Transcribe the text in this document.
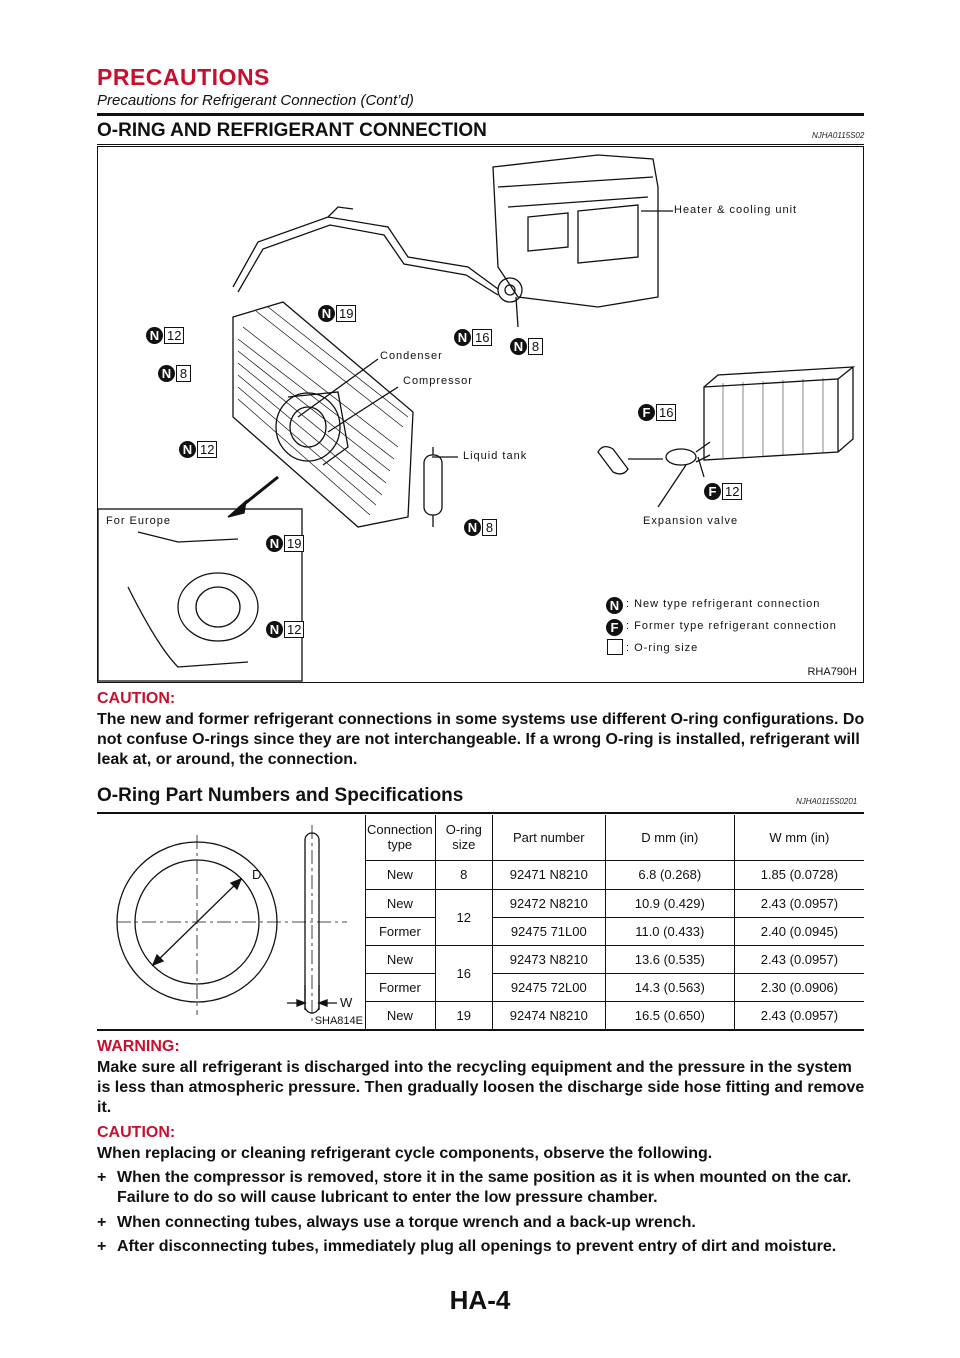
PRECAUTIONS
Precautions for Refrigerant Connection (Cont’d)
O-RING AND REFRIGERANT CONNECTION	NJHA0115S02
Heater & cooling unit
Condenser
Compressor
Liquid tank
Expansion valve
For Europe
N 12
N 19
N 16
N 8
N 8
N 12
N 8
N 19
N 12
F 16
F 12
N : New type refrigerant connection
F : Former type refrigerant connection
: O-ring size
RHA790H
CAUTION:
The new and former refrigerant connections in some systems use different O-ring configurations. Do not confuse O-rings since they are not interchangeable. If a wrong O-ring is installed, refrigerant will leak at, or around, the connection.
O-Ring Part Numbers and Specifications	NJHA0115S0201
D
W
SHA814E
Connection type	O-ring size	Part number	D mm (in)	W mm (in)
New	8	92471 N8210	6.8 (0.268)	1.85 (0.0728)
New	12	92472 N8210	10.9 (0.429)	2.43 (0.0957)
Former		92475 71L00	11.0 (0.433)	2.40 (0.0945)
New	16	92473 N8210	13.6 (0.535)	2.43 (0.0957)
Former		92475 72L00	14.3 (0.563)	2.30 (0.0906)
New	19	92474 N8210	16.5 (0.650)	2.43 (0.0957)
WARNING:
Make sure all refrigerant is discharged into the recycling equipment and the pressure in the system is less than atmospheric pressure. Then gradually loosen the discharge side hose fitting and remove it.
CAUTION:
When replacing or cleaning refrigerant cycle components, observe the following.
+ When the compressor is removed, store it in the same position as it is when mounted on the car. Failure to do so will cause lubricant to enter the low pressure chamber.
+ When connecting tubes, always use a torque wrench and a back-up wrench.
+ After disconnecting tubes, immediately plug all openings to prevent entry of dirt and moisture.
HA-4
